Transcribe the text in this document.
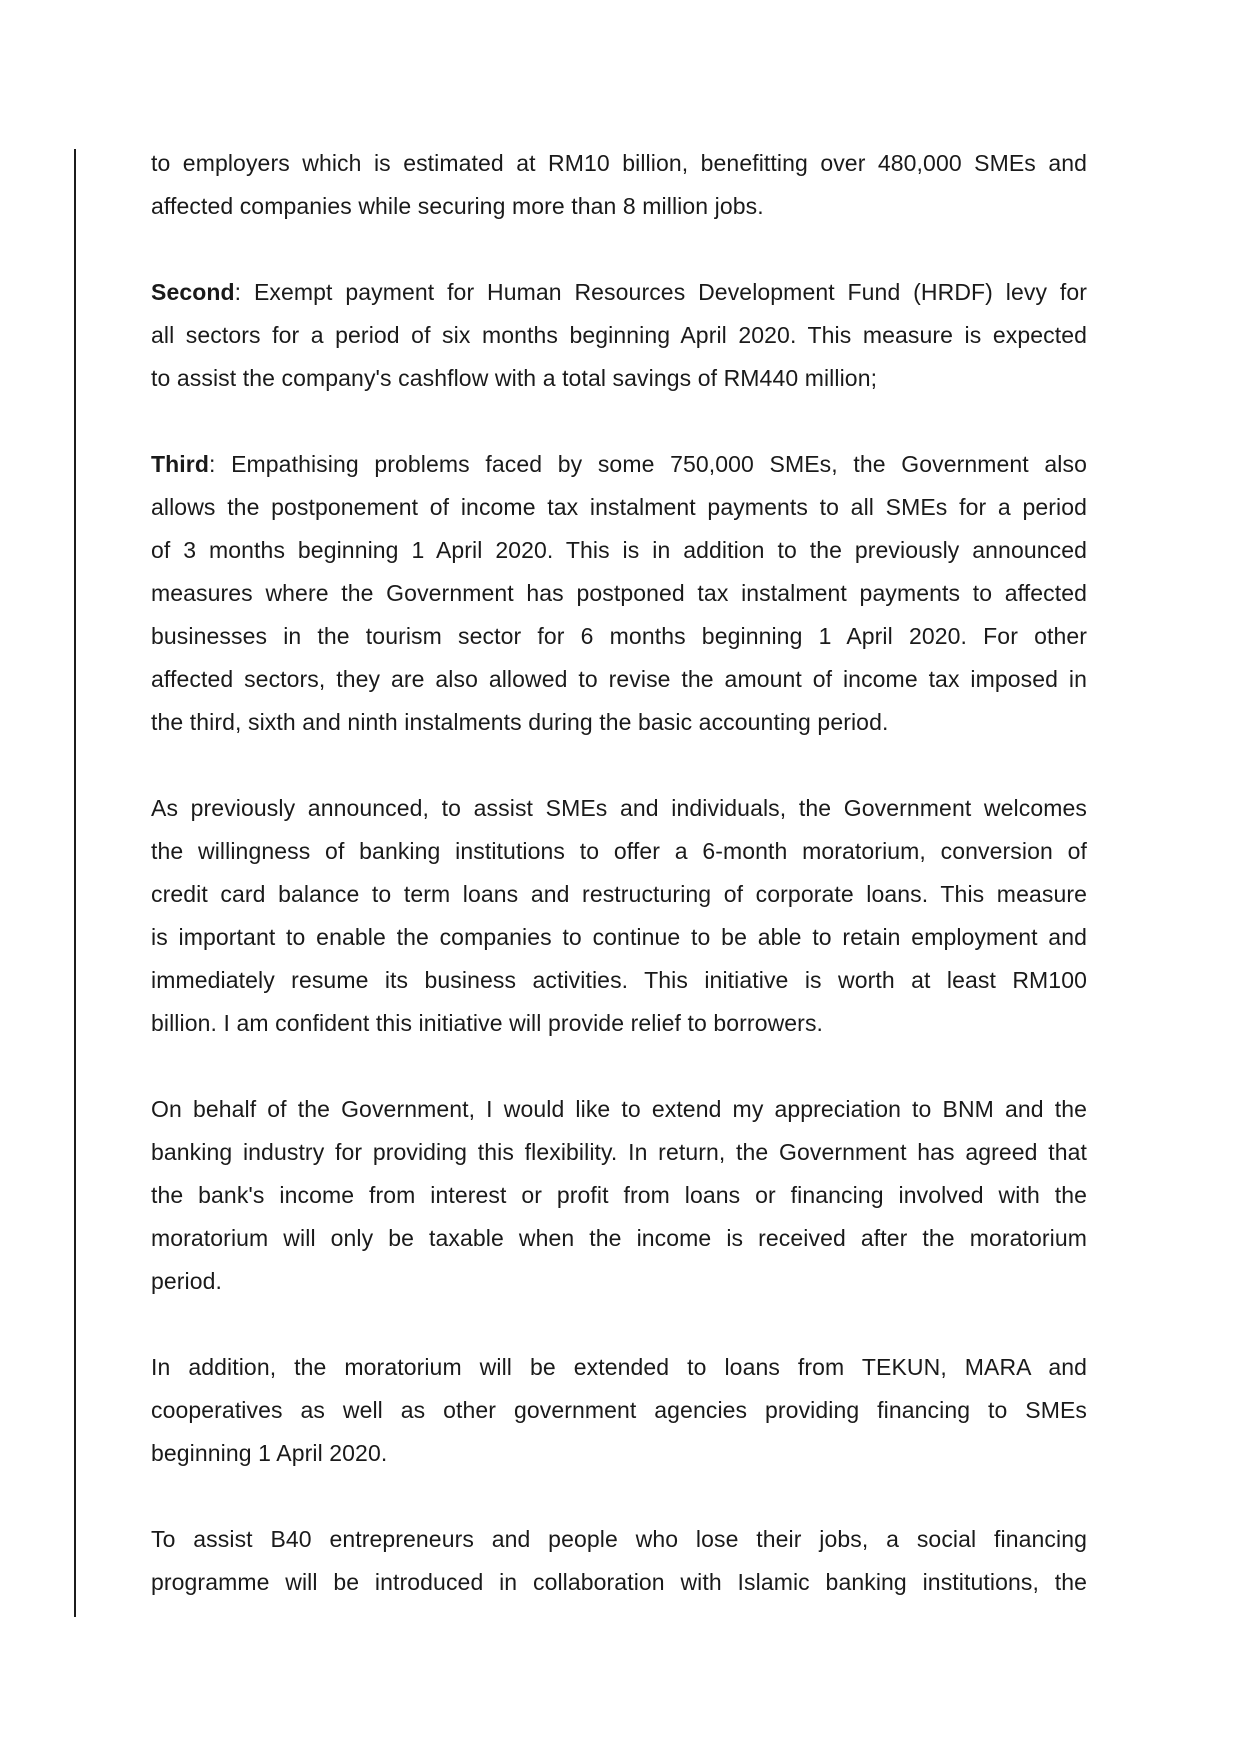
to employers which is estimated at RM10 billion, benefitting over 480,000 SMEs and
affected companies while securing more than 8 million jobs.
Second: Exempt payment for Human Resources Development Fund (HRDF) levy for
all sectors for a period of six months beginning April 2020. This measure is expected
to assist the company's cashflow with a total savings of RM440 million;
Third: Empathising problems faced by some 750,000 SMEs, the Government also
allows the postponement of income tax instalment payments to all SMEs for a period
of 3 months beginning 1 April 2020. This is in addition to the previously announced
measures where the Government has postponed tax instalment payments to affected
businesses in the tourism sector for 6 months beginning 1 April 2020. For other
affected sectors, they are also allowed to revise the amount of income tax imposed in
the third, sixth and ninth instalments during the basic accounting period.
As previously announced, to assist SMEs and individuals, the Government welcomes
the willingness of banking institutions to offer a 6-month moratorium, conversion of
credit card balance to term loans and restructuring of corporate loans. This measure
is important to enable the companies to continue to be able to retain employment and
immediately resume its business activities. This initiative is worth at least RM100
billion. I am confident this initiative will provide relief to borrowers.
On behalf of the Government, I would like to extend my appreciation to BNM and the
banking industry for providing this flexibility. In return, the Government has agreed that
the bank's income from interest or profit from loans or financing involved with the
moratorium will only be taxable when the income is received after the moratorium
period.
In addition, the moratorium will be extended to loans from TEKUN, MARA and
cooperatives as well as other government agencies providing financing to SMEs
beginning 1 April 2020.
To assist B40 entrepreneurs and people who lose their jobs, a social financing
programme will be introduced in collaboration with Islamic banking institutions, the
